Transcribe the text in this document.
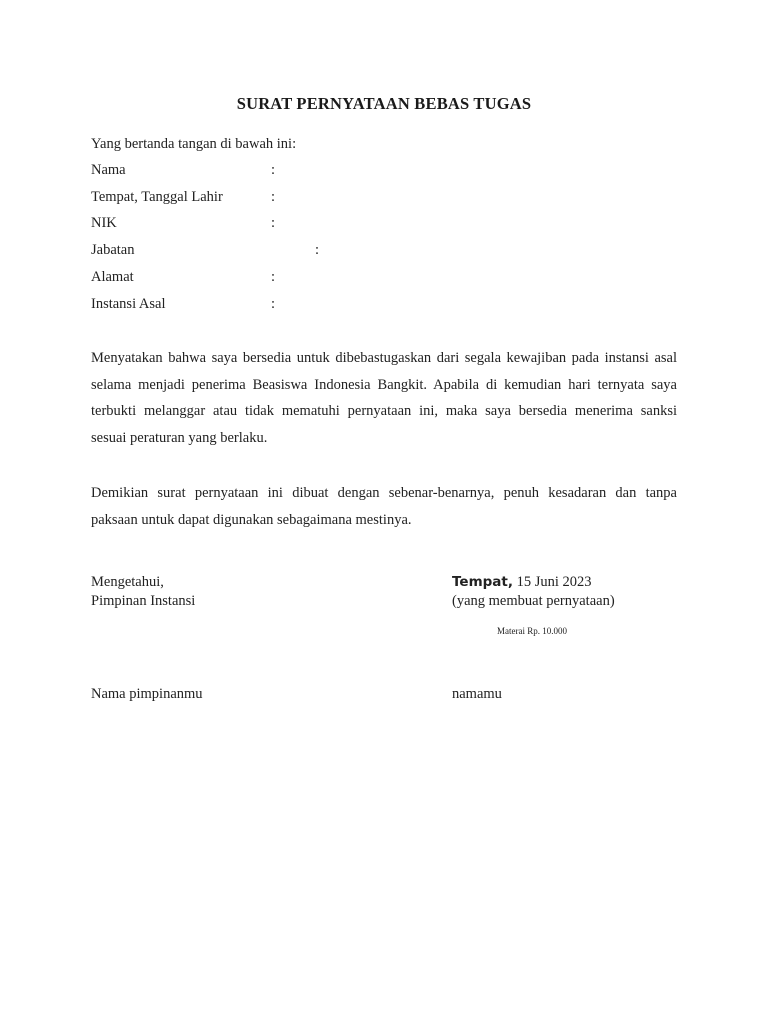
SURAT PERNYATAAN BEBAS TUGAS
Yang bertanda tangan di bawah ini:
Nama	:
Tempat, Tanggal Lahir	:
NIK	:
Jabatan	:
Alamat	:
Instansi Asal	:
Menyatakan bahwa saya bersedia untuk dibebastugaskan dari segala kewajiban pada instansi asal
selama menjadi penerima Beasiswa Indonesia Bangkit. Apabila di kemudian hari ternyata saya
terbukti melanggar atau tidak mematuhi pernyataan ini, maka saya bersedia menerima sanksi
sesuai peraturan yang berlaku.
Demikian surat pernyataan ini dibuat dengan sebenar-benarnya, penuh kesadaran dan tanpa
paksaan untuk dapat digunakan sebagaimana mestinya.
Mengetahui,
Pimpinan Instansi
Tempat, 15 Juni 2023
(yang membuat pernyataan)
Materai Rp. 10.000
Nama pimpinanmu	namamu
